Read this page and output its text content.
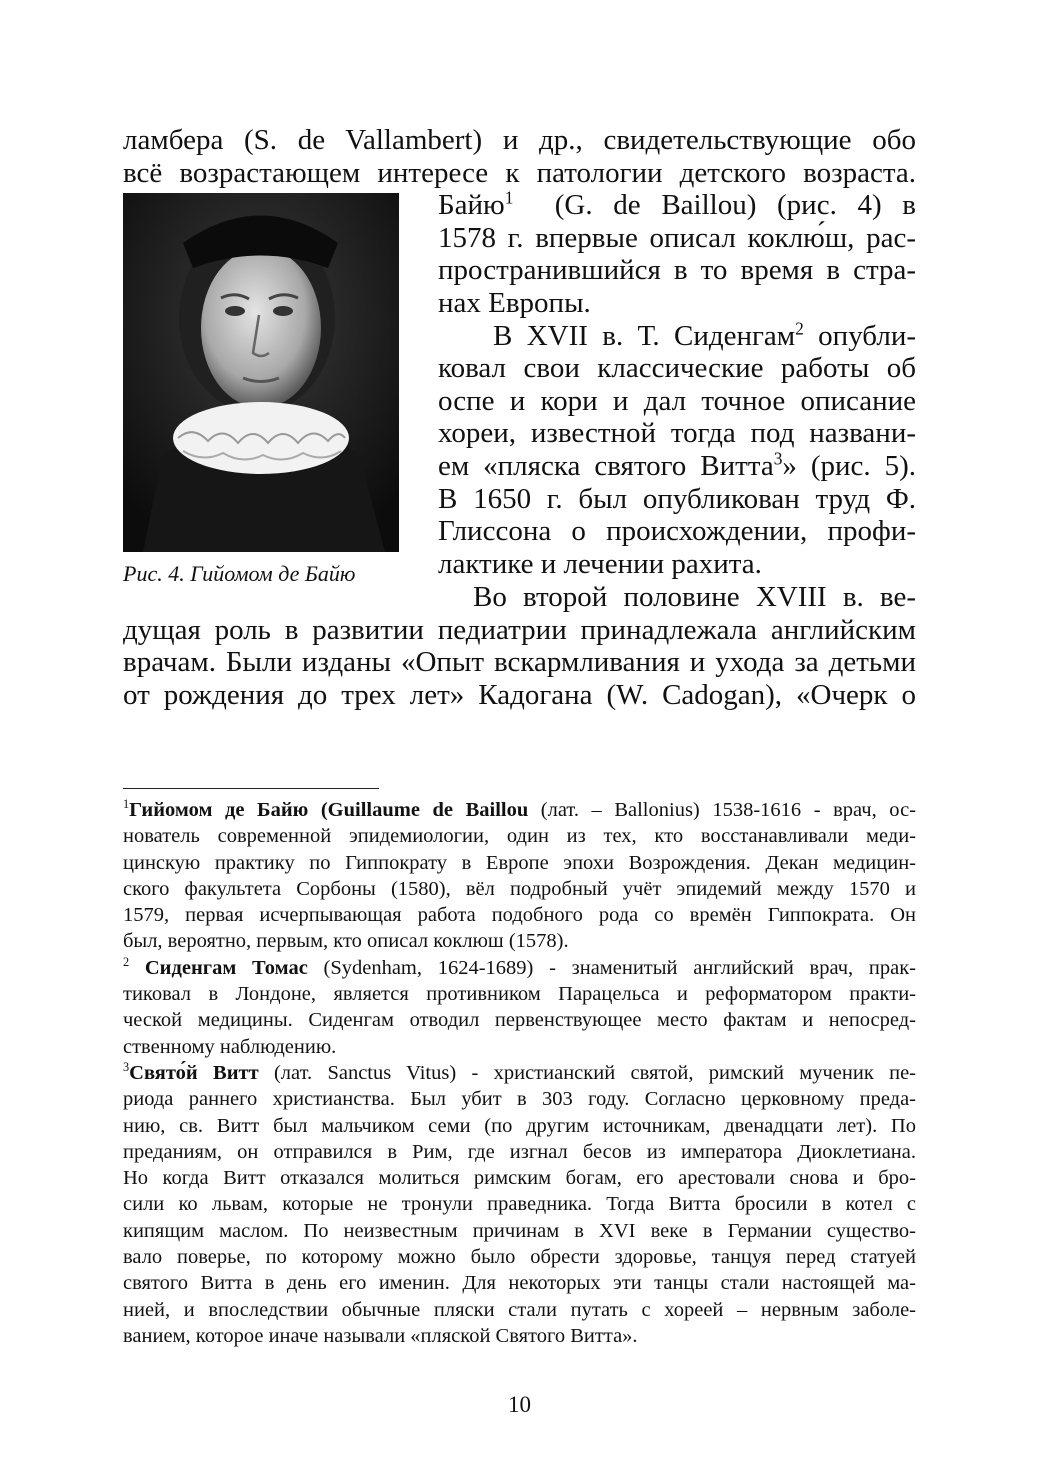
ламбера (S. de Vallambert) и др., свидетельствующие обо
всё возрастающем интересе к патологии детского возраста.
Рис. 4. Гийомом де Байю
Байю$^1$ (G. de Baillou) (рис. 4) в
1578 г. впервые описал коклю́ш, рас-
пространившийся в то время в стра-
нах Европы.
В XVII в. Т. Сиденгам$^2$ опубли-
ковал свои классические работы об
оспе и кори и дал точное описание
хореи, известной тогда под названи-
ем «пляска святого Витта$^3$» (рис. 5).
В 1650 г. был опубликован труд Ф.
Глиссона о происхождении, профи-
лактике и лечении рахита.
Во второй половине XVIII в. ве-
дущая роль в развитии педиатрии принадлежала английским
врачам. Были изданы «Опыт вскармливания и ухода за детьми
от рождения до трех лет» Кадогана (W. Cadogan), «Очерк о
$^1$Гийомом де Байю (Guillaume de Baillou (лат. – Ballonius) 1538-1616 - врач, ос-
нователь современной эпидемиологии, один из тех, кто восстанавливали меди-
цинскую практику по Гиппократу в Европе эпохи Возрождения. Декан медицин-
ского факультета Сорбоны (1580), вёл подробный учёт эпидемий между 1570 и
1579, первая исчерпывающая работа подобного рода со времён Гиппократа. Он
был, вероятно, первым, кто описал коклюш (1578).
$^2$ Сиденгам Томас (Sydenham, 1624-1689) - знаменитый английский врач, прак-
тиковал в Лондоне, является противником Парацельса и реформатором практи-
ческой медицины. Сиденгам отводил первенствующее место фактам и непосред-
ственному наблюдению.
$^3$Свято́й Витт (лат. Sanctus Vitus) - христианский святой, римский мученик пе-
риода раннего христианства. Был убит в 303 году. Согласно церковному преда-
нию, св. Витт был мальчиком семи (по другим источникам, двенадцати лет). По
преданиям, он отправился в Рим, где изгнал бесов из императора Диоклетиана.
Но когда Витт отказался молиться римским богам, его арестовали снова и бро-
сили ко львам, которые не тронули праведника. Тогда Витта бросили в котел с
кипящим маслом. По неизвестным причинам в XVI веке в Германии существо-
вало поверье, по которому можно было обрести здоровье, танцуя перед статуей
святого Витта в день его именин. Для некоторых эти танцы стали настоящей ма-
нией, и впоследствии обычные пляски стали путать с хореей – нервным заболе-
ванием, которое иначе называли «пляской Святого Витта».
10
